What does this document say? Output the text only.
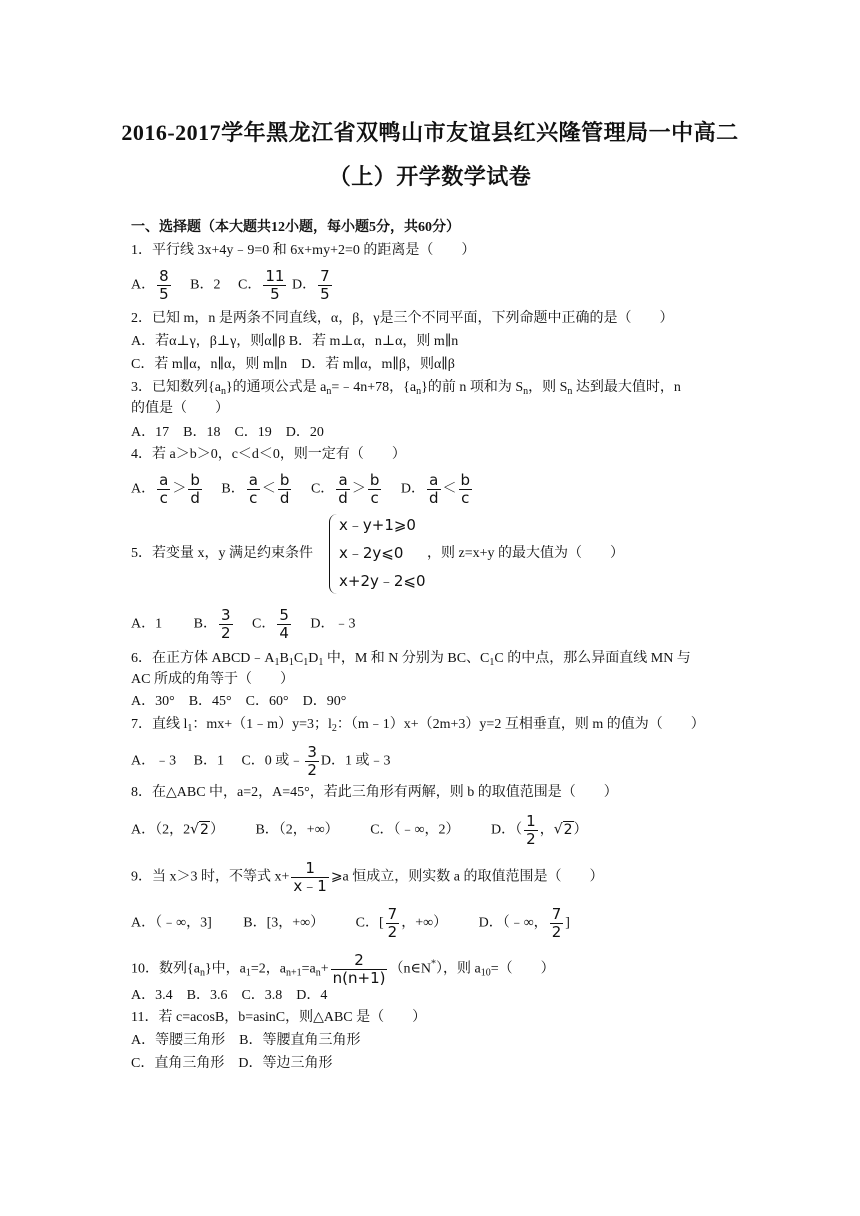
2016-2017学年黑龙江省双鸭山市友谊县红兴隆管理局一中高二
（上）开学数学试卷
一、选择题（本大题共12小题，每小题5分，共60分）
1．平行线 3x+4y﹣9=0 和 6x+my+2=0 的距离是（　　）
A． $\frac{8}{5}$ B．2 C． $\frac{11}{5}$ D． $\frac{7}{5}$
2．已知 m，n 是两条不同直线，α，β，γ是三个不同平面，下列命题中正确的是（　　）
A．若α⊥γ，β⊥γ，则α∥β B．若 m⊥α，n⊥α，则 m∥n
C．若 m∥α，n∥α，则 m∥n　D．若 m∥α，m∥β，则α∥β
3．已知数列$\{a_n\}$的通项公式是 $a_n=﹣4n+78$，$\{a_n\}$的前 n 项和为 $S_n$，则 $S_n$ 达到最大值时，n
的值是（　　）
A．17　B．18　C．19　D．20
4．若 a＞b＞0，c＜d＜0，则一定有（　　）
A． $\frac{a}{c} > \frac{b}{d}$ B． $\frac{a}{c} < \frac{b}{d}$ C． $\frac{a}{d} > \frac{b}{c}$ D． $\frac{a}{d} < \frac{b}{c}$
5．若变量 x，y 满足约束条件
x﹣y+1⩾0
x﹣2y⩽0
x+2y﹣2⩽0
，则 z=x+y 的最大值为（　　）
A．1 B． $\frac{3}{2}$ C． $\frac{5}{4}$ D．﹣3
6．在正方体 $ABCD﹣A_1B_1C_1D_1$ 中，M 和 N 分别为 BC、$C_1C$ 的中点，那么异面直线 MN 与
AC 所成的角等于（　　）
A．30°　B．45°　C．60°　D．90°
7．直线 $l_1$：mx+（1﹣m）y=3；$l_2$：（m﹣1）x+（2m+3）y=2 互相垂直，则 m 的值为（　　）
A．﹣3 B．1 C．0 或﹣ $\frac{3}{2}$ D．1 或﹣3
8．在△ABC 中，a=2，A=45°，若此三角形有两解，则 b 的取值范围是（　　）
A．（2，2√2） B．（2，+∞） C．（﹣∞，2） D．（ $\frac{1}{2}$ ，√2）
9．当 x＞3 时，不等式 $x+ \frac{1}{x﹣1}$ ⩾a 恒成立，则实数 a 的取值范围是（　　）
A．（﹣∞，3] B．[3，+∞） C．[ $\frac{7}{2}$ ，+∞） D．（﹣∞， $\frac{7}{2}$ ]
10．数列$\{a_n\}$中，$a_1=2$，$a_{n+1}=a_n+ \frac{2}{n(n+1)}$ （n∈N*），则 $a_{10}=$（　　）
A．3.4　B．3.6　C．3.8　D．4
11．若 c=acosB，b=asinC，则△ABC 是（　　）
A．等腰三角形　B．等腰直角三角形
C．直角三角形　D．等边三角形
